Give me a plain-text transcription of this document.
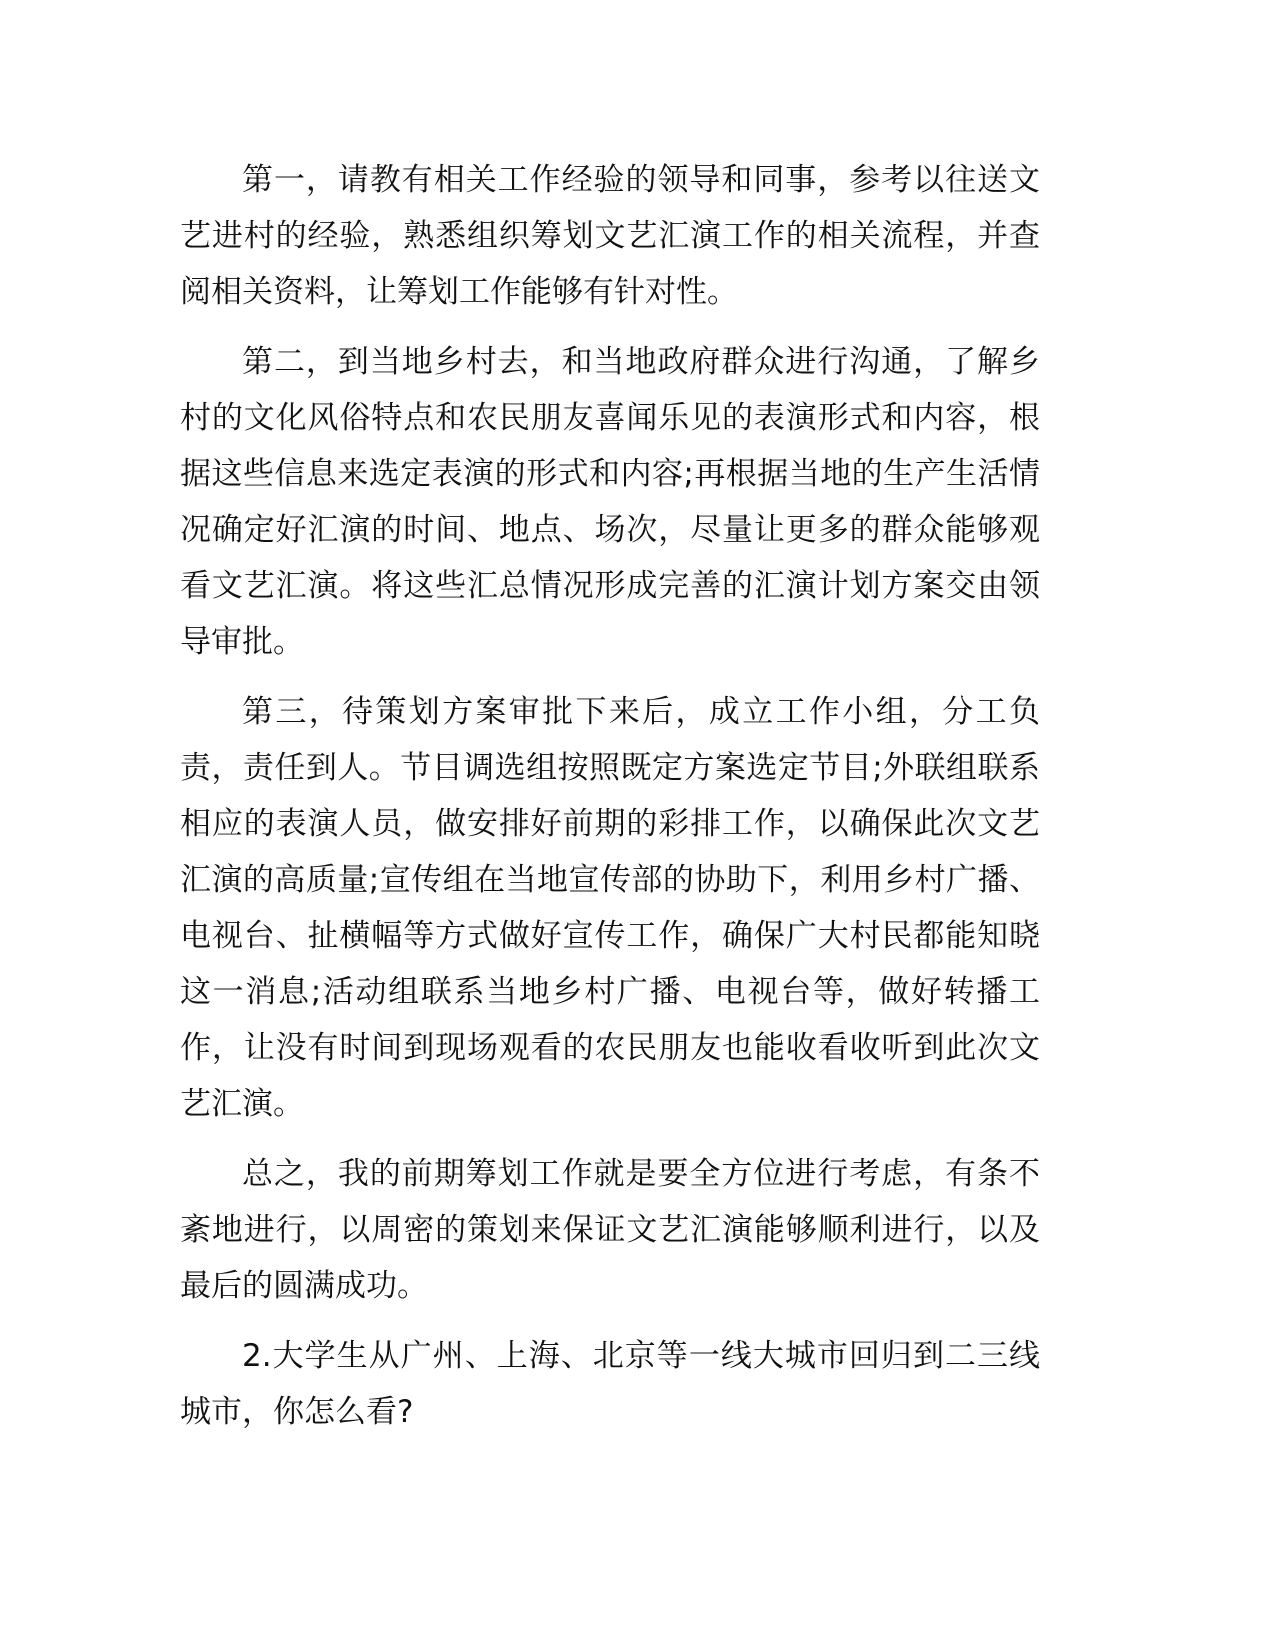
第一，请教有相关工作经验的领导和同事，参考以往送文艺进村的经验，熟悉组织筹划文艺汇演工作的相关流程，并查阅相关资料，让筹划工作能够有针对性。

第二，到当地乡村去，和当地政府群众进行沟通，了解乡村的文化风俗特点和农民朋友喜闻乐见的表演形式和内容，根据这些信息来选定表演的形式和内容;再根据当地的生产生活情况确定好汇演的时间、地点、场次，尽量让更多的群众能够观看文艺汇演。将这些汇总情况形成完善的汇演计划方案交由领导审批。

第三，待策划方案审批下来后，成立工作小组，分工负责，责任到人。节目调选组按照既定方案选定节目;外联组联系相应的表演人员，做安排好前期的彩排工作，以确保此次文艺汇演的高质量;宣传组在当地宣传部的协助下，利用乡村广播、电视台、扯横幅等方式做好宣传工作，确保广大村民都能知晓这一消息;活动组联系当地乡村广播、电视台等，做好转播工作，让没有时间到现场观看的农民朋友也能收看收听到此次文艺汇演。

总之，我的前期筹划工作就是要全方位进行考虑，有条不紊地进行，以周密的策划来保证文艺汇演能够顺利进行，以及最后的圆满成功。

2.大学生从广州、上海、北京等一线大城市回归到二三线城市，你怎么看?
